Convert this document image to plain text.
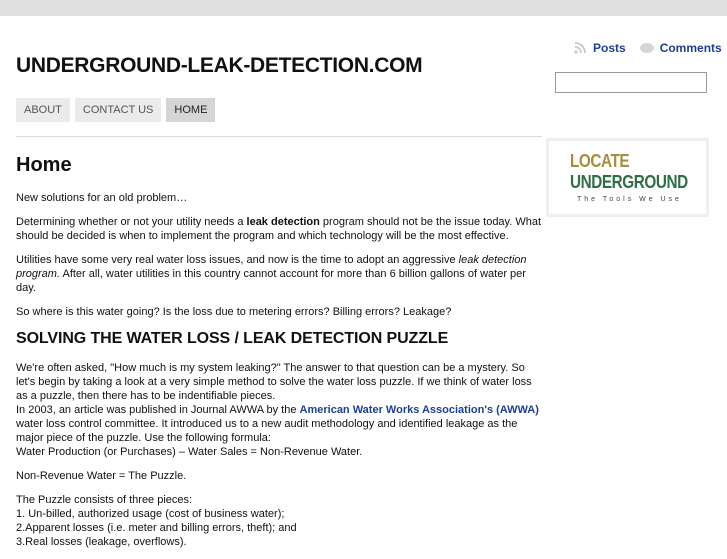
UNDERGROUND-LEAK-DETECTION.COM
Posts	Comments
ABOUT	CONTACT US	HOME
LOCATE
UNDERGROUND
The Tools We Use
Home

New solutions for an old problem…

Determining whether or not your utility needs a leak detection program should not be the issue today. What should be decided is when to implement the program and which technology will be the most effective.

Utilities have some very real water loss issues, and now is the time to adopt an aggressive leak detection program. After all, water utilities in this country cannot account for more than 6 billion gallons of water per day.

So where is this water going? Is the loss due to metering errors? Billing errors? Leakage?

SOLVING THE WATER LOSS / LEAK DETECTION PUZZLE

We're often asked, "How much is my system leaking?" The answer to that question can be a mystery. So let's begin by taking a look at a very simple method to solve the water loss puzzle. If we think of water loss as a puzzle, then there has to be indentifiable pieces.
In 2003, an article was published in Journal AWWA by the American Water Works Association's (AWWA) water loss control committee. It introduced us to a new audit methodology and identified leakage as the major piece of the puzzle. Use the following formula:
Water Production (or Purchases) – Water Sales = Non-Revenue Water.

Non-Revenue Water = The Puzzle.

The Puzzle consists of three pieces:
1. Un-billed, authorized usage (cost of business water);
2.Apparent losses (i.e. meter and billing errors, theft); and
3.Real losses (leakage, overflows).
